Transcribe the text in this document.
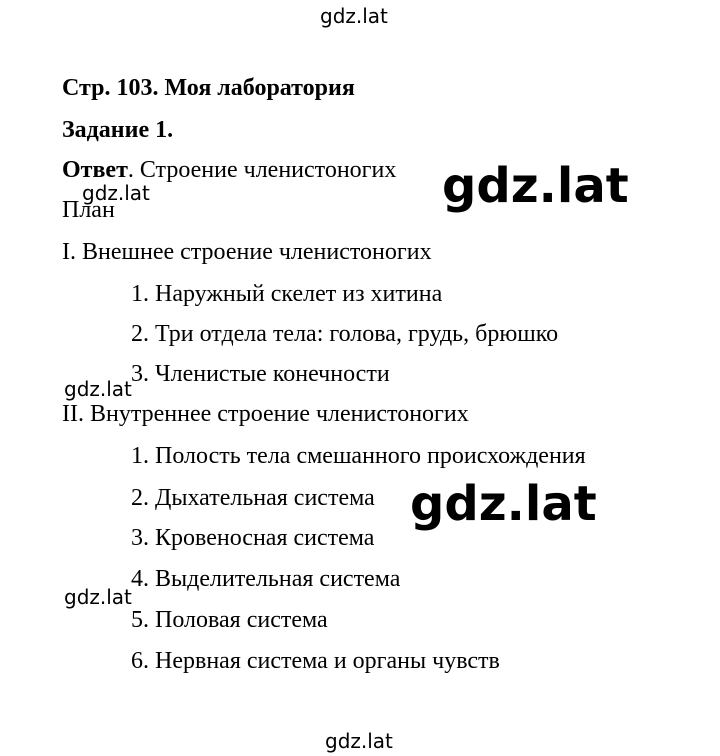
Стр. 103. Моя лаборатория
Задание 1.
Ответ. Строение членистоногих
План
I. Внешнее строение членистоногих
1. Наружный скелет из хитина
2. Три отдела тела: голова, грудь, брюшко
3. Членистые конечности
II. Внутреннее строение членистоногих
1. Полость тела смешанного происхождения
2. Дыхательная система
3. Кровеносная система
4. Выделительная система
5. Половая система
6. Нервная система и органы чувств
gdz.lat
gdz.lat
gdz.lat
gdz.lat
gdz.lat
gdz.lat
gdz.lat
